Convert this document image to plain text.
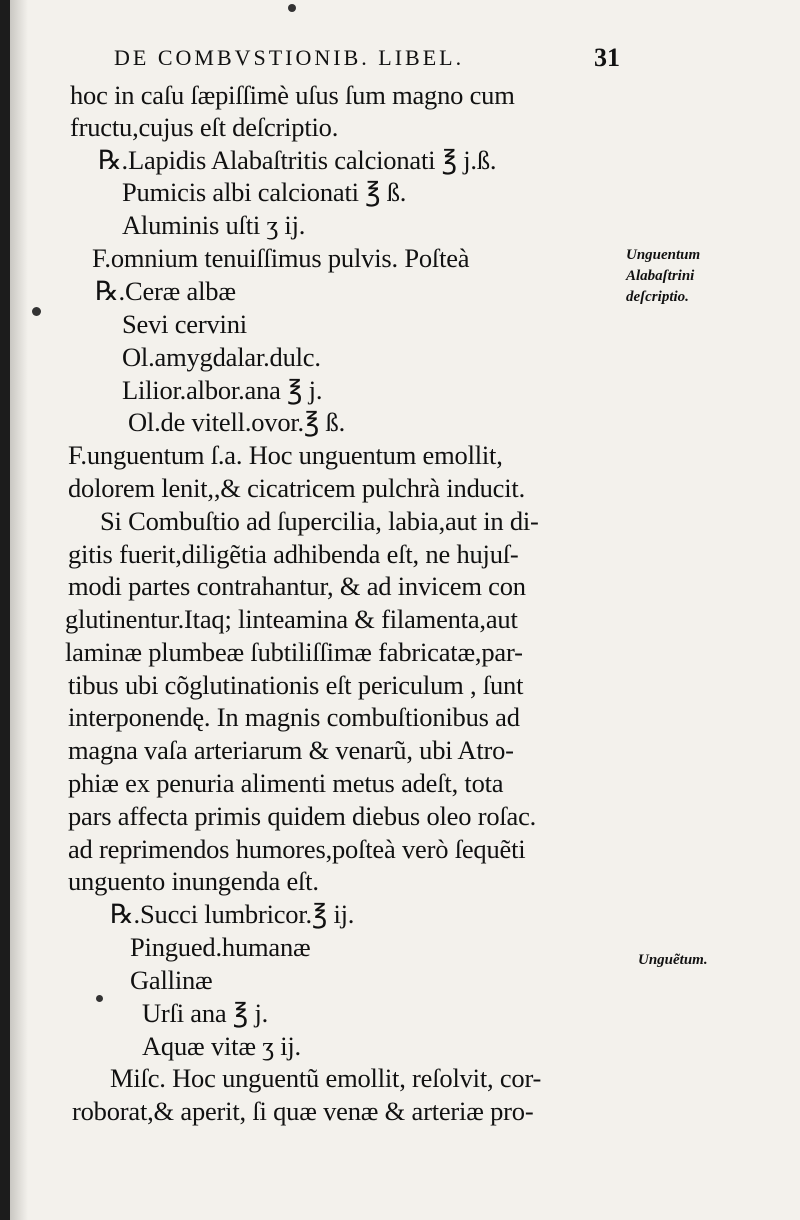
DE COMBVSTIONIB. LIBEL.	31
hoc in caſu ſæpiſſimè uſus ſum magno cum
fructu,cujus eſt deſcriptio.
℞.Lapidis Alabaſtritis calcionati ℥ j.ß.
Pumicis albi calcionati ℥ ß.
Aluminis uſti ʒ ij.
F.omnium tenuiſſimus pulvis. Poſteà
℞.Ceræ albæ
Sevi cervini
Ol.amygdalar.dulc.
Lilior.albor.ana ℥ j.
Ol.de vitell.ovor.℥ ß.
F.unguentum ſ.a. Hoc unguentum emollit,
dolorem lenit,,& cicatricem pulchrà inducit.
Si Combuſtio ad ſupercilia, labia,aut in di-
gitis fuerit,diligẽtia adhibenda eſt, ne hujuſ-
modi partes contrahantur, & ad invicem con
glutinentur.Itaq; linteamina & filamenta,aut
laminæ plumbeæ ſubtiliſſimæ fabricatæ,par-
tibus ubi cõglutinationis eſt periculum , ſunt
interponendę. In magnis combuſtionibus ad
magna vaſa arteriarum & venarũ, ubi Atro-
phiæ ex penuria alimenti metus adeſt, tota
pars affecta primis quidem diebus oleo roſac.
ad reprimendos humores,poſteà verò ſequẽti
unguento inungenda eſt.
℞.Succi lumbricor.℥ ij.
Pingued.humanæ
Gallinæ
Urſi ana ℥ j.
Aquæ vitæ ʒ ij.
Miſc. Hoc unguentũ emollit, reſolvit, cor-
roborat,& aperit, ſi quæ venæ & arteriæ pro-
Unguentum
Alabaſtrini
deſcriptio.
Unguẽtum.
